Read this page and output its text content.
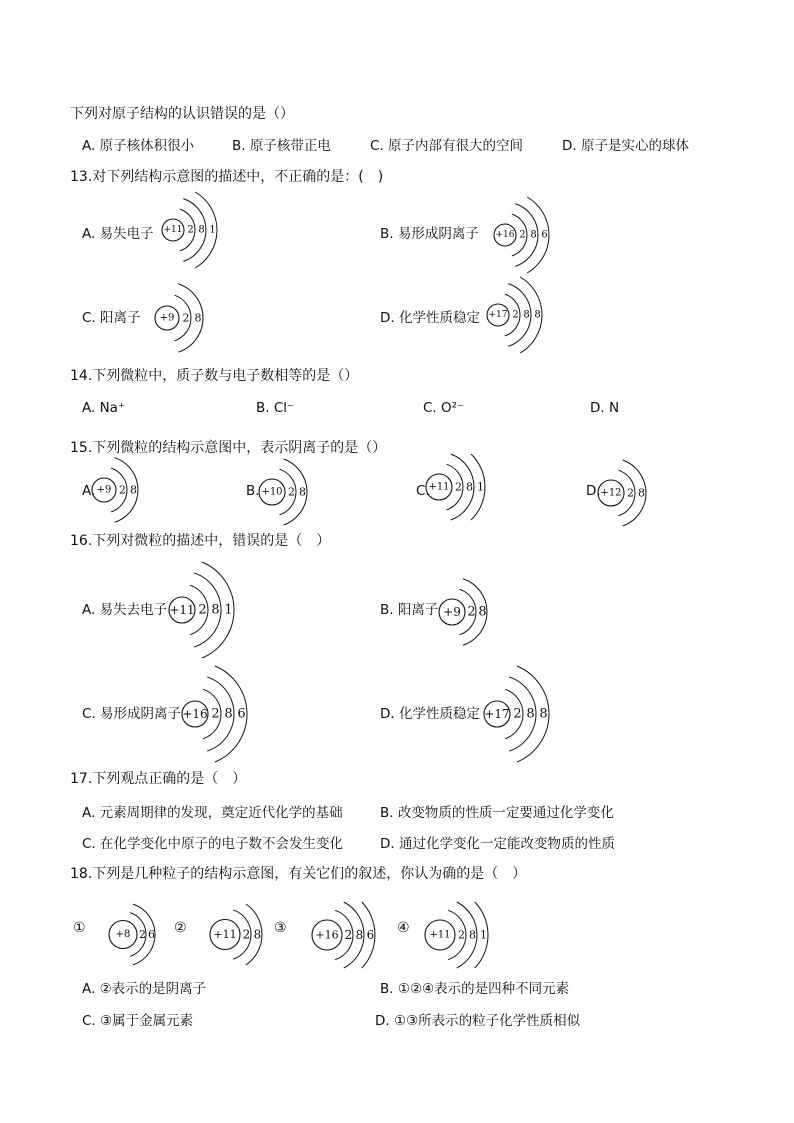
下列对原子结构的认识错误的是（）
A. 原子核体积很小	B. 原子核带正电	C. 原子内部有很大的空间	D. 原子是实心的球体
13.对下列结构示意图的描述中，不正确的是：(　)
A. 易失电子 +11 2 8 1	B. 易形成阴离子 +16 2 8 6
C. 阳离子 +9 2 8	D. 化学性质稳定 +17 2 8 8
14.下列微粒中，质子数与电子数相等的是（）
A. Na⁺	B. Cl⁻	C. O²⁻	D. N
15.下列微粒的结构示意图中，表示阴离子的是（）
A. +9 2 8	B. +10 2 8	C.
+11 2 8 1	D. +12 2 8
16.下列对微粒的描述中，错误的是（　）
A. 易失去电子 +11 2 8 1	B. 阳离子 +9 2 8
C. 易形成阴离子 +16 2 8 6	D. 化学性质稳定 +17 2 8 8
17.下列观点正确的是（　）
A. 元素周期律的发现，奠定近代化学的基础	B. 改变物质的性质一定要通过化学变化
C. 在化学变化中原子的电子数不会发生变化	D. 通过化学变化一定能改变物质的性质
18.下列是几种粒子的结构示意图，有关它们的叙述，你认为确的是（　）
①	+8 2 6 ② +11 2 8 ③	+16 2 8 6 ④ +11 2 8 1
A. ②表示的是阴离子	B. ①②④表示的是四种不同元素
C. ③属于金属元素	D. ①③所表示的粒子化学性质相似
